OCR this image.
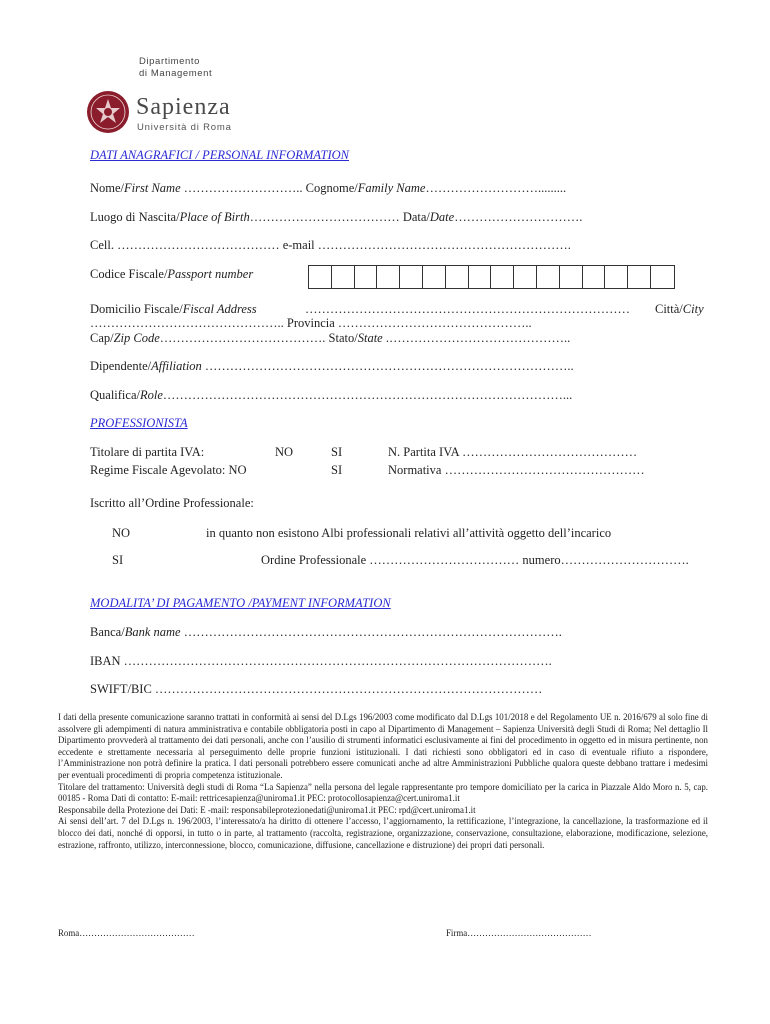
Dipartimento
di Management
Sapienza
Università di Roma
DATI ANAGRAFICI / PERSONAL INFORMATION
Nome/First Name ……………………….. Cognome/Family Name……………………….........
Luogo di Nascita/Place of Birth……………………………… Data/Date………………………….
Cell. ………………………………… e-mail …………………………………………………….
Codice Fiscale/Passport number
Domicilio Fiscale/Fiscal Address	…………………………………………………………………… Città/City
……………………………………….. Provincia ………………………………………..
Cap/Zip Code…………………………………. Stato/State .……………………………………..
Dipendente/Affiliation ……………………………………………………………………………..
Qualifica/Role……………………………………………………………………………………...
PROFESSIONISTA
Titolare di partita IVA:	NO	SI	N. Partita IVA ……………………………………
Regime Fiscale Agevolato: NO	SI	Normativa …………………………………………
Iscritto all’Ordine Professionale:
NO	in quanto non esistono Albi professionali relativi all’attività oggetto dell’incarico
SI	Ordine Professionale ……………………………… numero………………………….
MODALITA’ DI PAGAMENTO /PAYMENT INFORMATION
Banca/Bank name ……………………………………………………………………………….
IBAN ………………………………………………………………………………………….
SWIFT/BIC …………………………………………………………………………………

I dati della presente comunicazione saranno trattati in conformità ai sensi del D.Lgs 196/2003 come modificato dal D.Lgs 101/2018 e del Regolamento UE n. 2016/679 al solo fine di assolvere gli adempimenti di natura amministrativa e contabile obbligatoria posti in capo al Dipartimento di Management – Sapienza Università degli Studi di Roma; Nel dettaglio Il Dipartimento provvederà al trattamento dei dati personali, anche con l’ausilio di strumenti informatici esclusivamente ai fini del procedimento in oggetto ed in misura pertinente, non eccedente e strettamente necessaria al perseguimento delle proprie funzioni istituzionali. I dati richiesti sono obbligatori ed in caso di eventuale rifiuto a rispondere, l’Amministrazione non potrà definire la pratica. I dati personali potrebbero essere comunicati anche ad altre Amministrazioni Pubbliche qualora queste debbano trattare i medesimi per eventuali procedimenti di propria competenza istituzionale.

Titolare del trattamento: Università degli studi di Roma “La Sapienza” nella persona del legale rappresentante pro tempore domiciliato per la carica in Piazzale Aldo Moro n. 5, cap. 00185 - Roma Dati di contatto: E-mail: rettricesapienza@uniroma1.it PEC: protocollosapienza@cert.uniroma1.it

Responsabile della Protezione dei Dati: E -mail: responsabileprotezionedati@uniroma1.it PEC: rpd@cert.uniroma1.it

Ai sensi dell’art. 7 del D.Lgs n. 196/2003, l’interessato/a ha diritto di ottenere l’accesso, l’aggiornamento, la rettificazione, l’integrazione, la cancellazione, la trasformazione ed il blocco dei dati, nonché di opporsi, in tutto o in parte, al trattamento (raccolta, registrazione, organizzazione, conservazione, consultazione, elaborazione, modificazione, selezione, estrazione, raffronto, utilizzo, interconnessione, blocco, comunicazione, diffusione, cancellazione e distruzione) dei propri dati personali.

Roma…………………………………	Firma……………………………………
